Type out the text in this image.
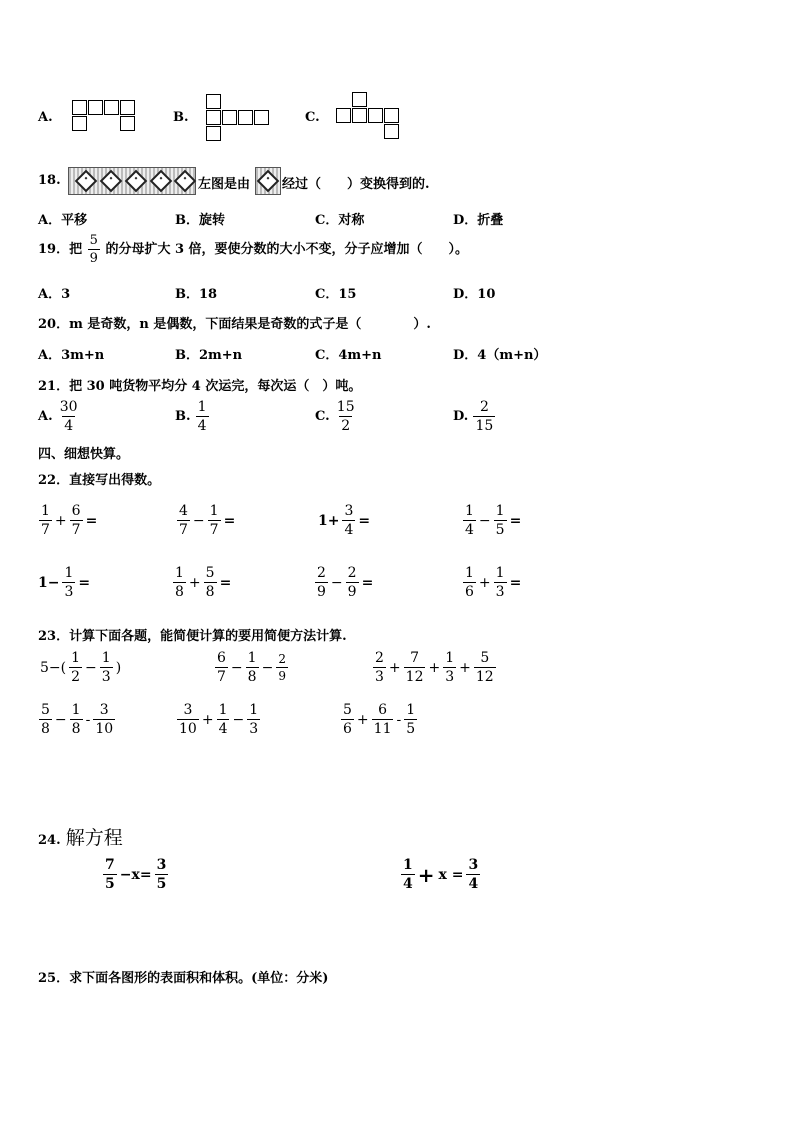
A.	B.	C.
18.	左图是由 经过（　　）变换得到的.
A．平移	B．旋转	C．对称	D．折叠
19．把 $\frac{5}{9}$ 的分母扩大 3 倍，要使分数的大小不变，分子应增加（　　）。
A．3	B．18	C．15	D．10
20．m 是奇数，n 是偶数，下面结果是奇数的式子是（　　　　）.
A．3m+n	B．2m+n	C．4m+n	D．4（m+n）
21．把 30 吨货物平均分 4 次运完，每次运（　）吨。
A. $\frac{30}{4}$	B. $\frac{1}{4}$	C. $\frac{15}{2}$	D. $\frac{2}{15}$
四、细想快算。
22．直接写出得数。
$\frac{1}{7} + \frac{6}{7}$ =	$\frac{4}{7} - \frac{1}{7}$ =	$1+ \frac{3}{4}$ =	$\frac{1}{4} - \frac{1}{5}$ =
$1- \frac{1}{3}$ =	$\frac{1}{8} + \frac{5}{8}$ =	$\frac{2}{9} - \frac{2}{9}$ =	$\frac{1}{6} + \frac{1}{3}$ =
23．计算下面各题，能简便计算的要用简便方法计算.
$5-( \frac{1}{2} - \frac{1}{3}$ )	$\frac{6}{7} - \frac{1}{8} - \frac{2}{9}$	$\frac{2}{3} + \frac{7}{12} + \frac{1}{3} + \frac{5}{12}$
$\frac{5}{8} - \frac{1}{8} - \frac{3}{10}$	$\frac{3}{10} + \frac{1}{4} - \frac{1}{3}$	$\frac{5}{6} + \frac{6}{11} - \frac{1}{5}$
24. 解方程
$\frac{7}{5} -x= \frac{3}{5}$	$\frac{1}{4} + x = \frac{3}{4}$
25．求下面各图形的表面积和体积。(单位：分米)
